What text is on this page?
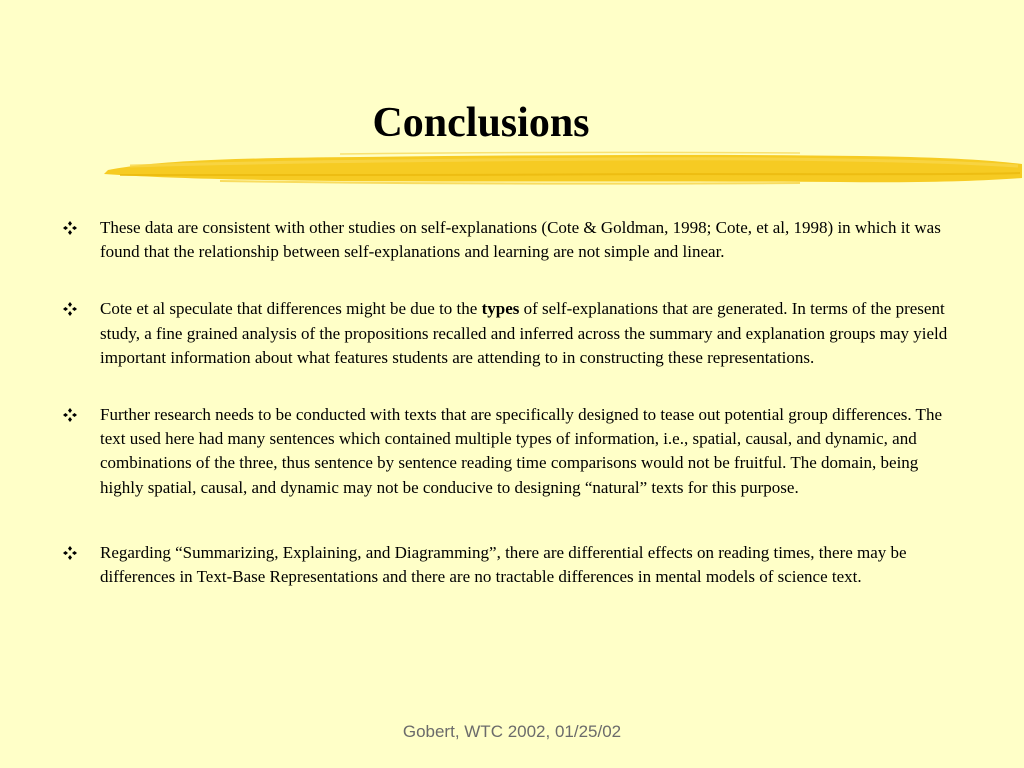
Conclusions
These data are consistent with other studies on self-explanations (Cote & Goldman, 1998; Cote, et al, 1998) in which it was found that the relationship between self-explanations and learning are not simple and linear.
Cote et al speculate that differences might be due to the types of self-explanations that are generated. In terms of the present study, a fine grained analysis of the propositions recalled and inferred across the summary and explanation groups may yield important information about what features students are attending to in constructing these representations.
Further research needs to be conducted with texts that are specifically designed to tease out potential group differences. The text used here had many sentences which contained multiple types of information, i.e., spatial, causal, and dynamic, and combinations of the three, thus sentence by sentence reading time comparisons would not be fruitful. The domain, being highly spatial, causal, and dynamic may not be conducive to designing “natural” texts for this purpose.
Regarding “Summarizing, Explaining, and Diagramming”, there are differential effects on reading times, there may be differences in Text-Base Representations and there are no tractable differences in mental models of science text.
Gobert, WTC 2002, 01/25/02
